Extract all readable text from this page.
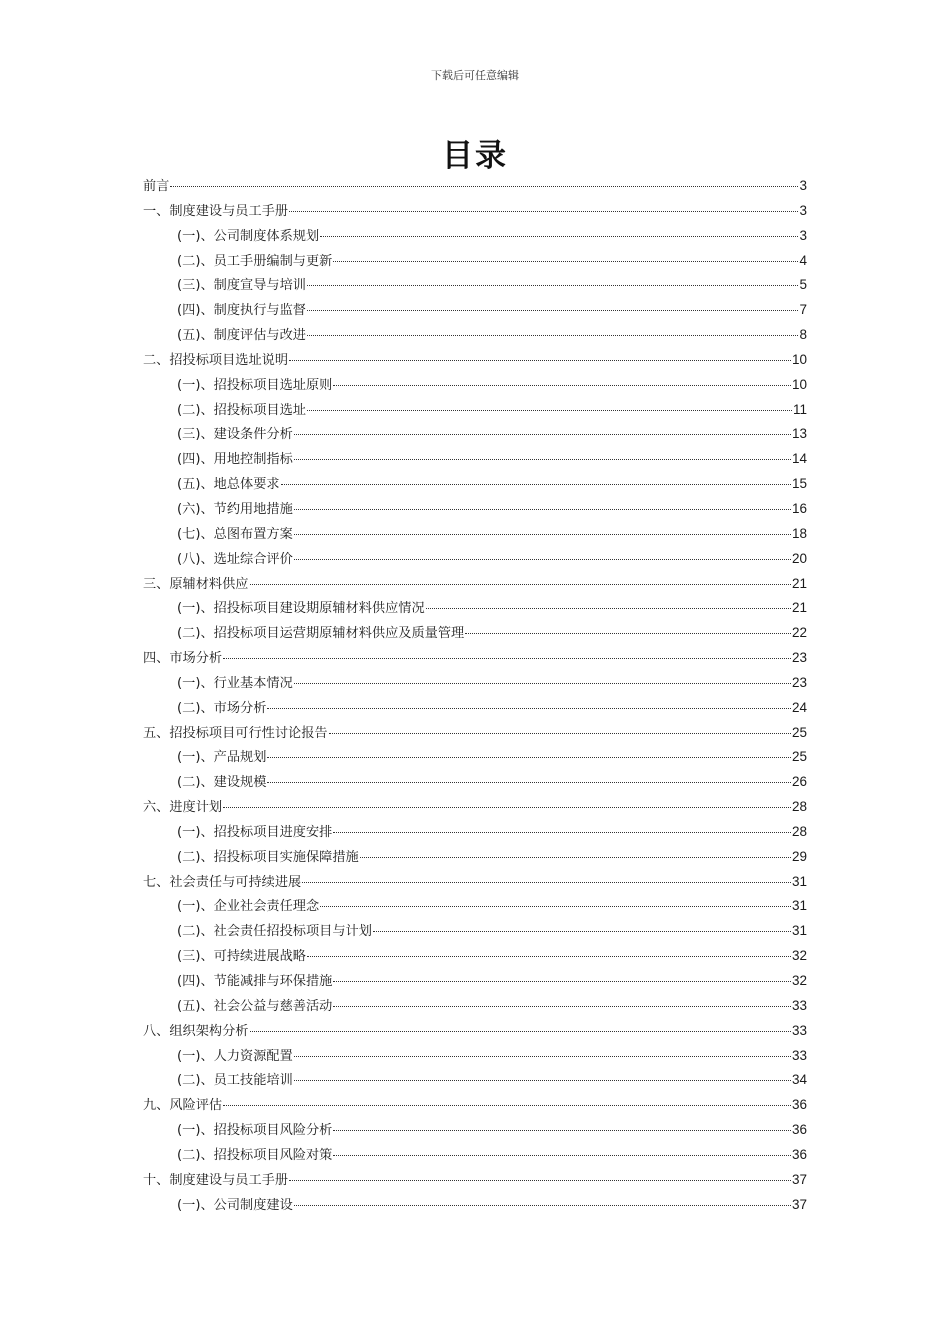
下载后可任意编辑
目录
前言	3
一、制度建设与员工手册	3
(一)、公司制度体系规划	3
(二)、员工手册编制与更新	4
(三)、制度宣导与培训	5
(四)、制度执行与监督	7
(五)、制度评估与改进	8
二、招投标项目选址说明	10
(一)、招投标项目选址原则	10
(二)、招投标项目选址	11
(三)、建设条件分析	13
(四)、用地控制指标	14
(五)、地总体要求	15
(六)、节约用地措施	16
(七)、总图布置方案	18
(八)、选址综合评价	20
三、原辅材料供应	21
(一)、招投标项目建设期原辅材料供应情况	21
(二)、招投标项目运营期原辅材料供应及质量管理	22
四、市场分析	23
(一)、行业基本情况	23
(二)、市场分析	24
五、招投标项目可行性讨论报告	25
(一)、产品规划	25
(二)、建设规模	26
六、进度计划	28
(一)、招投标项目进度安排	28
(二)、招投标项目实施保障措施	29
七、社会责任与可持续进展	31
(一)、企业社会责任理念	31
(二)、社会责任招投标项目与计划	31
(三)、可持续进展战略	32
(四)、节能减排与环保措施	32
(五)、社会公益与慈善活动	33
八、组织架构分析	33
(一)、人力资源配置	33
(二)、员工技能培训	34
九、风险评估	36
(一)、招投标项目风险分析	36
(二)、招投标项目风险对策	36
十、制度建设与员工手册	37
(一)、公司制度建设	37
